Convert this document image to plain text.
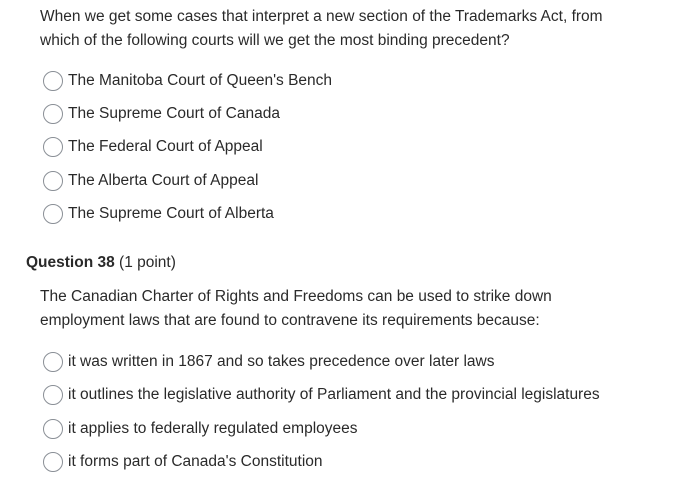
When we get some cases that interpret a new section of the Trademarks Act, from
which of the following courts will we get the most binding precedent?
The Manitoba Court of Queen's Bench
The Supreme Court of Canada
The Federal Court of Appeal
The Alberta Court of Appeal
The Supreme Court of Alberta
Question 38 (1 point)
The Canadian Charter of Rights and Freedoms can be used to strike down
employment laws that are found to contravene its requirements because:
it was written in 1867 and so takes precedence over later laws
it outlines the legislative authority of Parliament and the provincial legislatures
it applies to federally regulated employees
it forms part of Canada's Constitution
